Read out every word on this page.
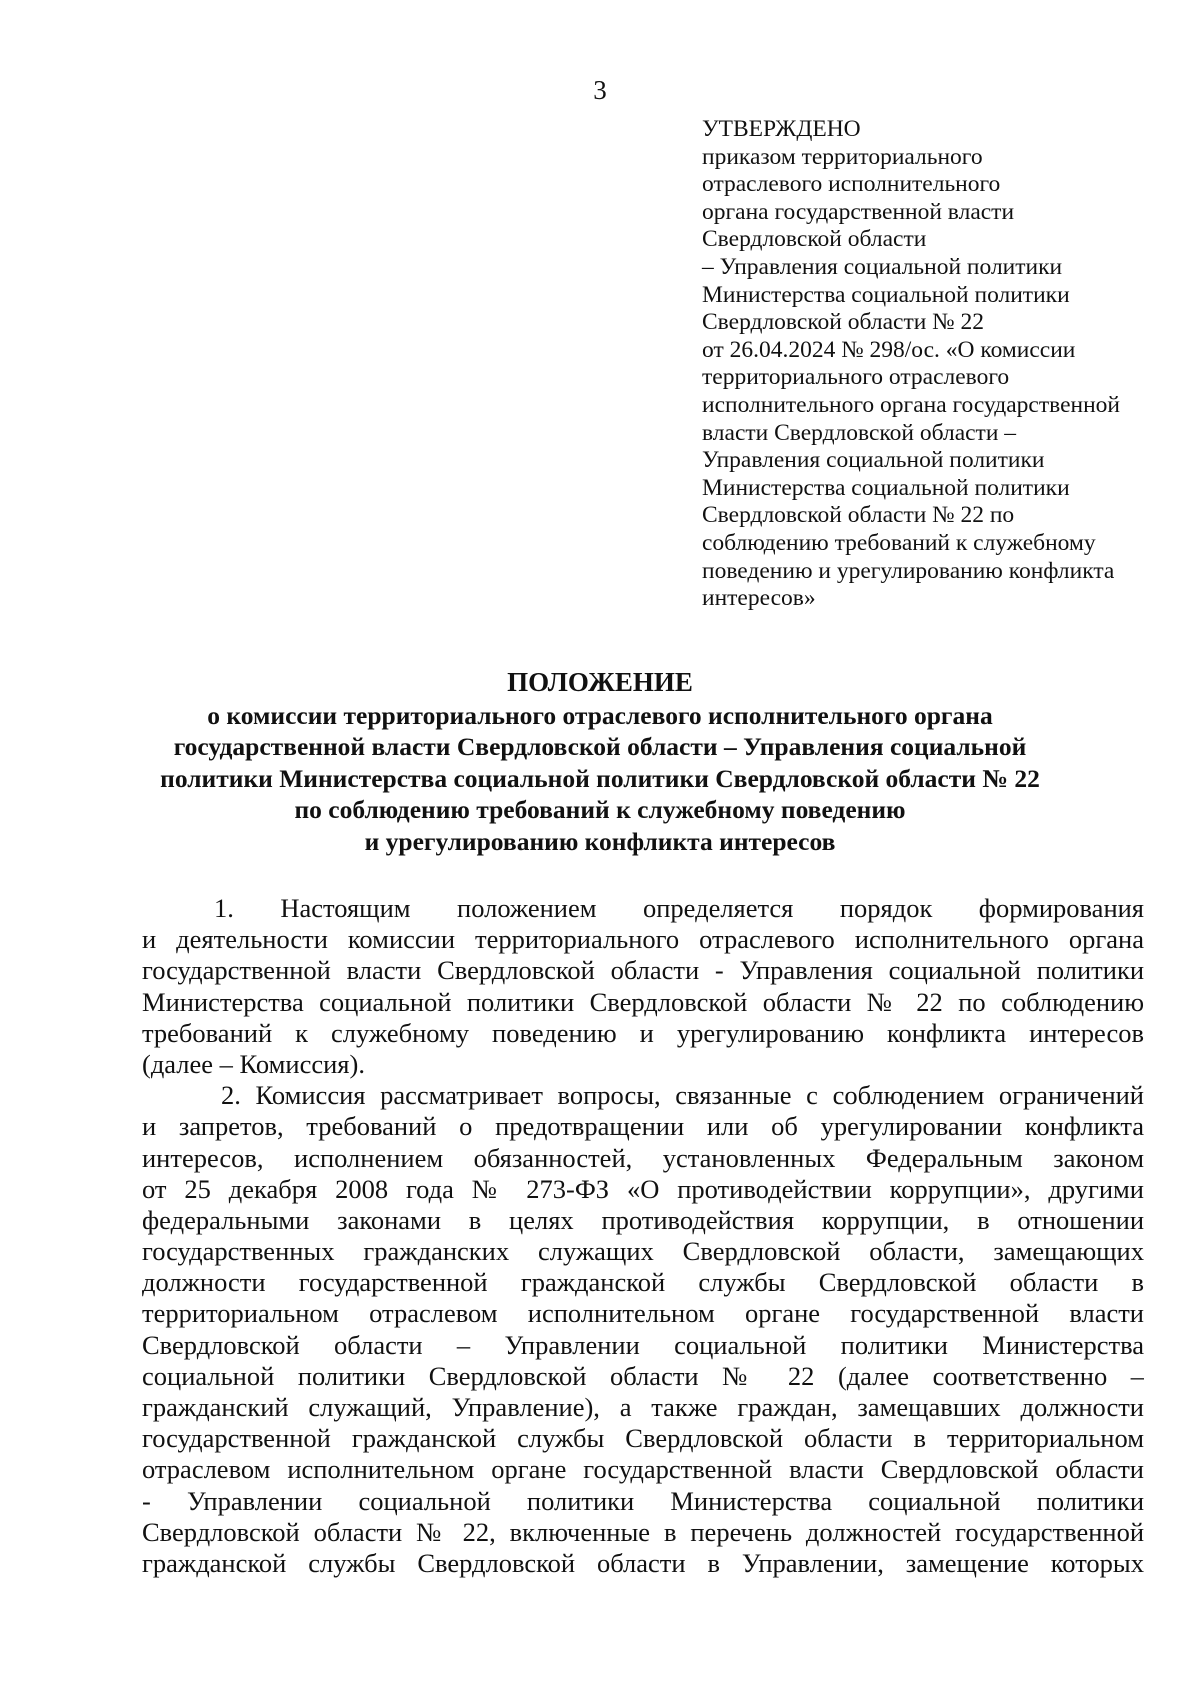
3
УТВЕРЖДЕНО
приказом территориального
отраслевого исполнительного
органа государственной власти
Свердловской области
– Управления социальной политики
Министерства социальной политики
Свердловской области № 22
от 26.04.2024 № 298/ос. «О комиссии
территориального отраслевого
исполнительного органа государственной
власти Свердловской области –
Управления социальной политики
Министерства социальной политики
Свердловской области № 22 по
соблюдению требований к служебному
поведению и урегулированию конфликта
интересов»
ПОЛОЖЕНИЕ
о комиссии территориального отраслевого исполнительного органа
государственной власти Свердловской области – Управления социальной
политики Министерства социальной политики Свердловской области № 22
по соблюдению требований к служебному поведению
и урегулированию конфликта интересов
1. Настоящим положением определяется порядок формирования
и деятельности комиссии территориального отраслевого исполнительного органа
государственной власти Свердловской области - Управления социальной политики
Министерства социальной политики Свердловской области № 22 по соблюдению
требований к служебному поведению и урегулированию конфликта интересов
(далее – Комиссия).
2. Комиссия рассматривает вопросы, связанные с соблюдением ограничений
и запретов, требований о предотвращении или об урегулировании конфликта
интересов, исполнением обязанностей, установленных Федеральным законом
от 25 декабря 2008 года № 273-ФЗ «О противодействии коррупции», другими
федеральными законами в целях противодействия коррупции, в отношении
государственных гражданских служащих Свердловской области, замещающих
должности государственной гражданской службы Свердловской области в
территориальном отраслевом исполнительном органе государственной власти
Свердловской области – Управлении социальной политики Министерства
социальной политики Свердловской области № 22 (далее соответственно –
гражданский служащий, Управление), а также граждан, замещавших должности
государственной гражданской службы Свердловской области в территориальном
отраслевом исполнительном органе государственной власти Свердловской области
- Управлении социальной политики Министерства социальной политики
Свердловской области № 22, включенные в перечень должностей государственной
гражданской службы Свердловской области в Управлении, замещение которых
